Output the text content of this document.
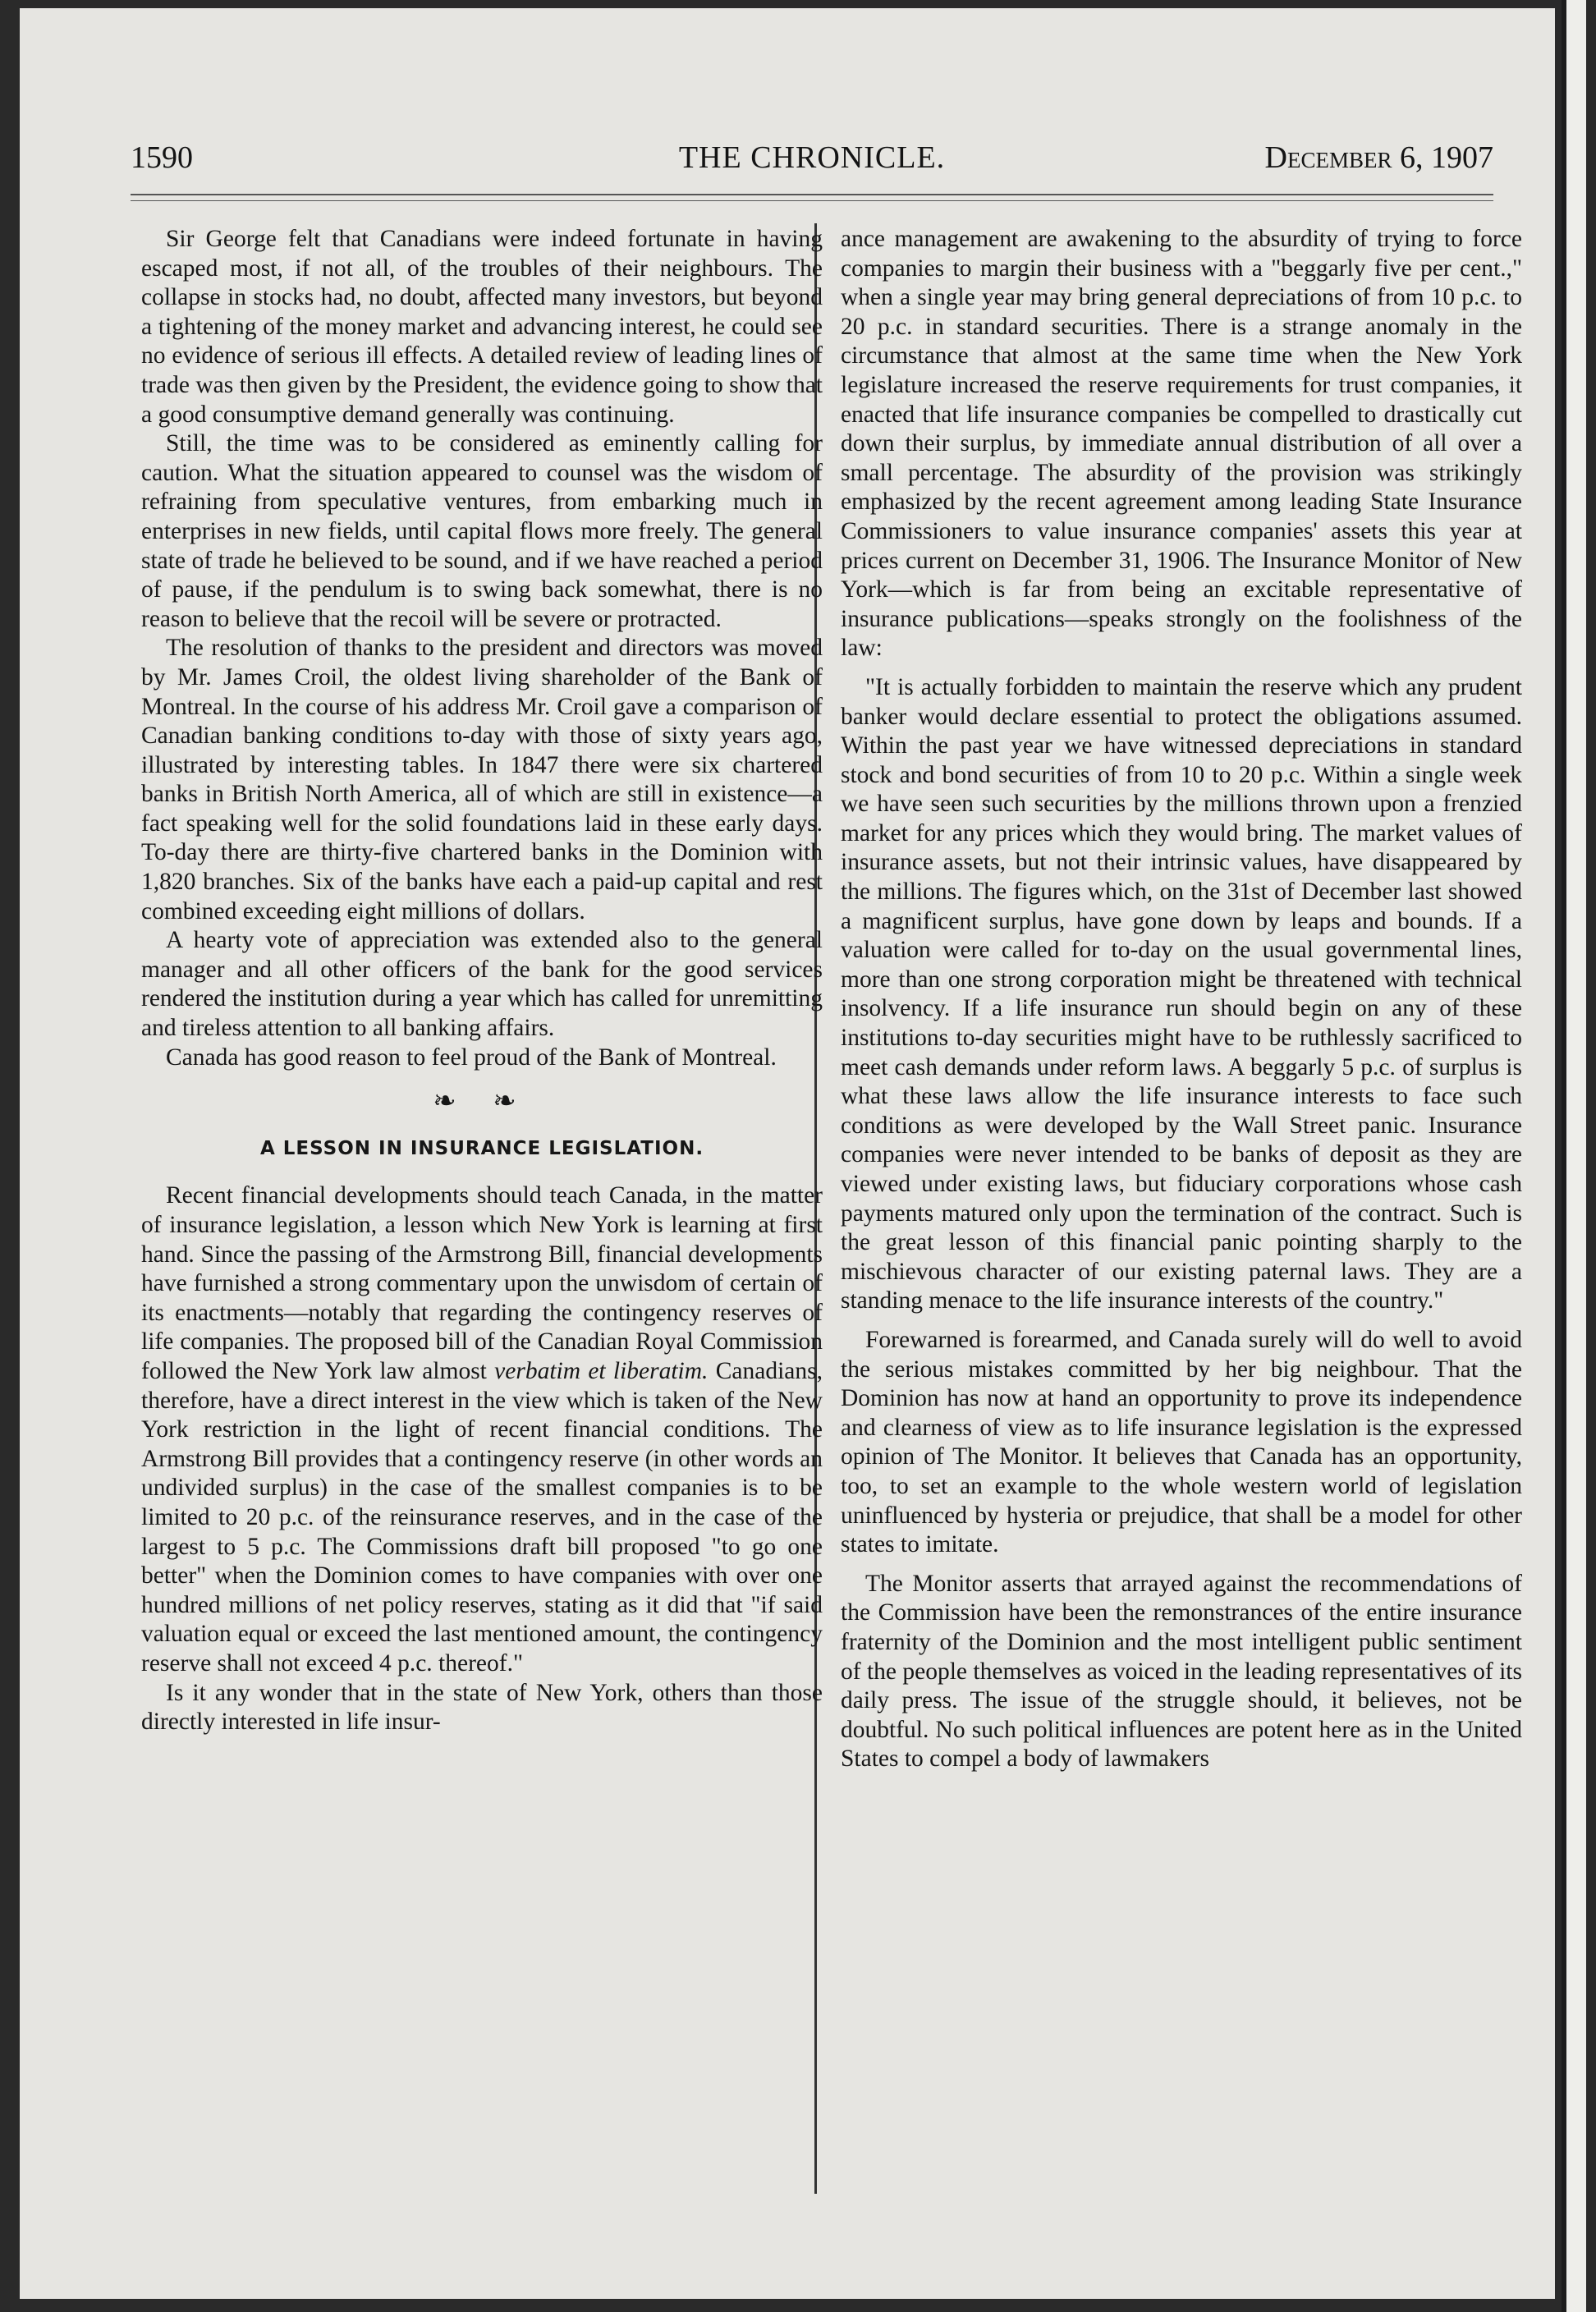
1590	THE CHRONICLE.	December 6, 1907

Sir George felt that Canadians were indeed fortunate in having escaped most, if not all, of the troubles of their neighbours. The collapse in stocks had, no doubt, affected many investors, but beyond a tightening of the money market and advancing interest, he could see no evidence of serious ill effects. A detailed review of leading lines of trade was then given by the President, the evidence going to show that a good consumptive demand generally was continuing.

Still, the time was to be considered as eminently calling for caution. What the situation appeared to counsel was the wisdom of refraining from speculative ventures, from embarking much in enterprises in new fields, until capital flows more freely. The general state of trade he believed to be sound, and if we have reached a period of pause, if the pendulum is to swing back somewhat, there is no reason to believe that the recoil will be severe or protracted.

The resolution of thanks to the president and directors was moved by Mr. James Croil, the oldest living shareholder of the Bank of Montreal. In the course of his address Mr. Croil gave a comparison of Canadian banking conditions to-day with those of sixty years ago, illustrated by interesting tables. In 1847 there were six chartered banks in British North America, all of which are still in existence—a fact speaking well for the solid foundations laid in these early days. To-day there are thirty-five chartered banks in the Dominion with 1,820 branches. Six of the banks have each a paid-up capital and rest combined exceeding eight millions of dollars.

A hearty vote of appreciation was extended also to the general manager and all other officers of the bank for the good services rendered the institution during a year which has called for unremitting and tireless attention to all banking affairs.

Canada has good reason to feel proud of the Bank of Montreal.

❧ ❧
A LESSON IN INSURANCE LEGISLATION.

Recent financial developments should teach Canada, in the matter of insurance legislation, a lesson which New York is learning at first hand. Since the passing of the Armstrong Bill, financial developments have furnished a strong commentary upon the unwisdom of certain of its enactments—notably that regarding the contingency reserves of life companies. The proposed bill of the Canadian Royal Commission followed the New York law almost verbatim et liberatim. Canadians, therefore, have a direct interest in the view which is taken of the New York restriction in the light of recent financial conditions. The Armstrong Bill provides that a contingency reserve (in other words an undivided surplus) in the case of the smallest companies is to be limited to 20 p.c. of the reinsurance reserves, and in the case of the largest to 5 p.c. The Commissions draft bill proposed "to go one better" when the Dominion comes to have companies with over one hundred millions of net policy reserves, stating as it did that "if said valuation equal or exceed the last mentioned amount, the contingency reserve shall not exceed 4 p.c. thereof."

Is it any wonder that in the state of New York, others than those directly interested in life insur-

ance management are awakening to the absurdity of trying to force companies to margin their business with a "beggarly five per cent.," when a single year may bring general depreciations of from 10 p.c. to 20 p.c. in standard securities. There is a strange anomaly in the circumstance that almost at the same time when the New York legislature increased the reserve requirements for trust companies, it enacted that life insurance companies be compelled to drastically cut down their surplus, by immediate annual distribution of all over a small percentage. The absurdity of the provision was strikingly emphasized by the recent agreement among leading State Insurance Commissioners to value insurance companies' assets this year at prices current on December 31, 1906. The Insurance Monitor of New York—which is far from being an excitable representative of insurance publications—speaks strongly on the foolishness of the law:

"It is actually forbidden to maintain the reserve which any prudent banker would declare essential to protect the obligations assumed. Within the past year we have witnessed depreciations in standard stock and bond securities of from 10 to 20 p.c. Within a single week we have seen such securities by the millions thrown upon a frenzied market for any prices which they would bring. The market values of insurance assets, but not their intrinsic values, have disappeared by the millions. The figures which, on the 31st of December last showed a magnificent surplus, have gone down by leaps and bounds. If a valuation were called for to-day on the usual governmental lines, more than one strong corporation might be threatened with technical insolvency. If a life insurance run should begin on any of these institutions to-day securities might have to be ruthlessly sacrificed to meet cash demands under reform laws. A beggarly 5 p.c. of surplus is what these laws allow the life insurance interests to face such conditions as were developed by the Wall Street panic. Insurance companies were never intended to be banks of deposit as they are viewed under existing laws, but fiduciary corporations whose cash payments matured only upon the termination of the contract. Such is the great lesson of this financial panic pointing sharply to the mischievous character of our existing paternal laws. They are a standing menace to the life insurance interests of the country."

Forewarned is forearmed, and Canada surely will do well to avoid the serious mistakes committed by her big neighbour. That the Dominion has now at hand an opportunity to prove its independence and clearness of view as to life insurance legislation is the expressed opinion of The Monitor. It believes that Canada has an opportunity, too, to set an example to the whole western world of legislation uninfluenced by hysteria or prejudice, that shall be a model for other states to imitate.

The Monitor asserts that arrayed against the recommendations of the Commission have been the remonstrances of the entire insurance fraternity of the Dominion and the most intelligent public sentiment of the people themselves as voiced in the leading representatives of its daily press. The issue of the struggle should, it believes, not be doubtful. No such political influences are potent here as in the United States to compel a body of lawmakers
